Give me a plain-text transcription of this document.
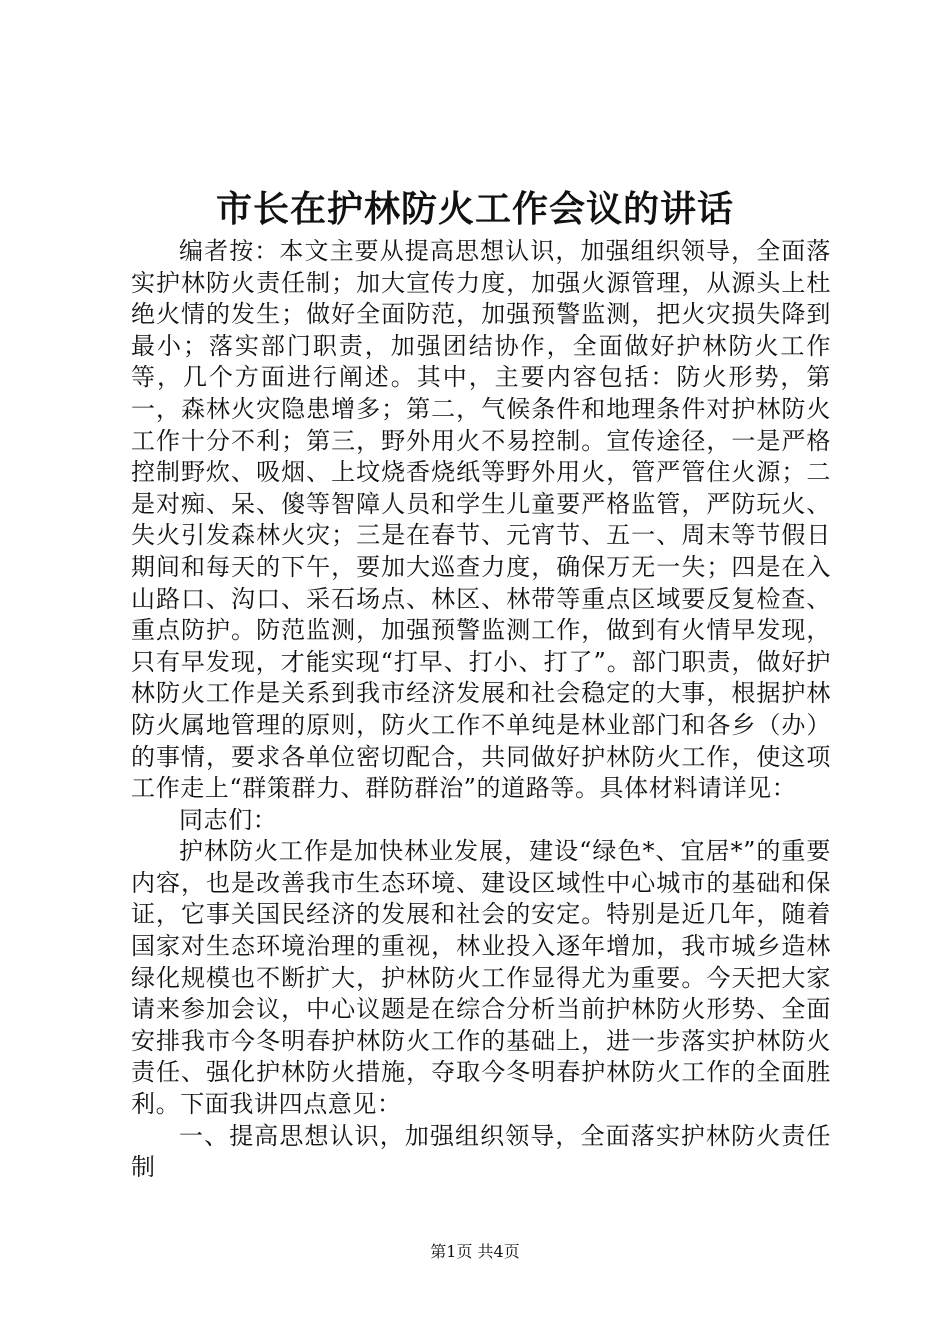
市长在护林防火工作会议的讲话

编者按：本文主要从提高思想认识，加强组织领导，全面落实护林防火责任制；加大宣传力度，加强火源管理，从源头上杜绝火情的发生；做好全面防范，加强预警监测，把火灾损失降到最小；落实部门职责，加强团结协作，全面做好护林防火工作等，几个方面进行阐述。其中，主要内容包括：防火形势，第一，森林火灾隐患增多；第二，气候条件和地理条件对护林防火工作十分不利；第三，野外用火不易控制。宣传途径，一是严格控制野炊、吸烟、上坟烧香烧纸等野外用火，管严管住火源；二是对痴、呆、傻等智障人员和学生儿童要严格监管，严防玩火、失火引发森林火灾；三是在春节、元宵节、五一、周末等节假日期间和每天的下午，要加大巡查力度，确保万无一失；四是在入山路口、沟口、采石场点、林区、林带等重点区域要反复检查、重点防护。防范监测，加强预警监测工作，做到有火情早发现，只有早发现，才能实现“打早、打小、打了”。部门职责，做好护林防火工作是关系到我市经济发展和社会稳定的大事，根据护林防火属地管理的原则，防火工作不单纯是林业部门和各乡（办）的事情，要求各单位密切配合，共同做好护林防火工作，使这项工作走上“群策群力、群防群治”的道路等。具体材料请详见：

同志们：

护林防火工作是加快林业发展，建设“绿色*、宜居*”的重要内容，也是改善我市生态环境、建设区域性中心城市的基础和保证，它事关国民经济的发展和社会的安定。特别是近几年，随着国家对生态环境治理的重视，林业投入逐年增加，我市城乡造林绿化规模也不断扩大，护林防火工作显得尤为重要。今天把大家请来参加会议，中心议题是在综合分析当前护林防火形势、全面安排我市今冬明春护林防火工作的基础上，进一步落实护林防火责任、强化护林防火措施，夺取今冬明春护林防火工作的全面胜利。下面我讲四点意见：

一、提高思想认识，加强组织领导，全面落实护林防火责任制

第1页 共4页
